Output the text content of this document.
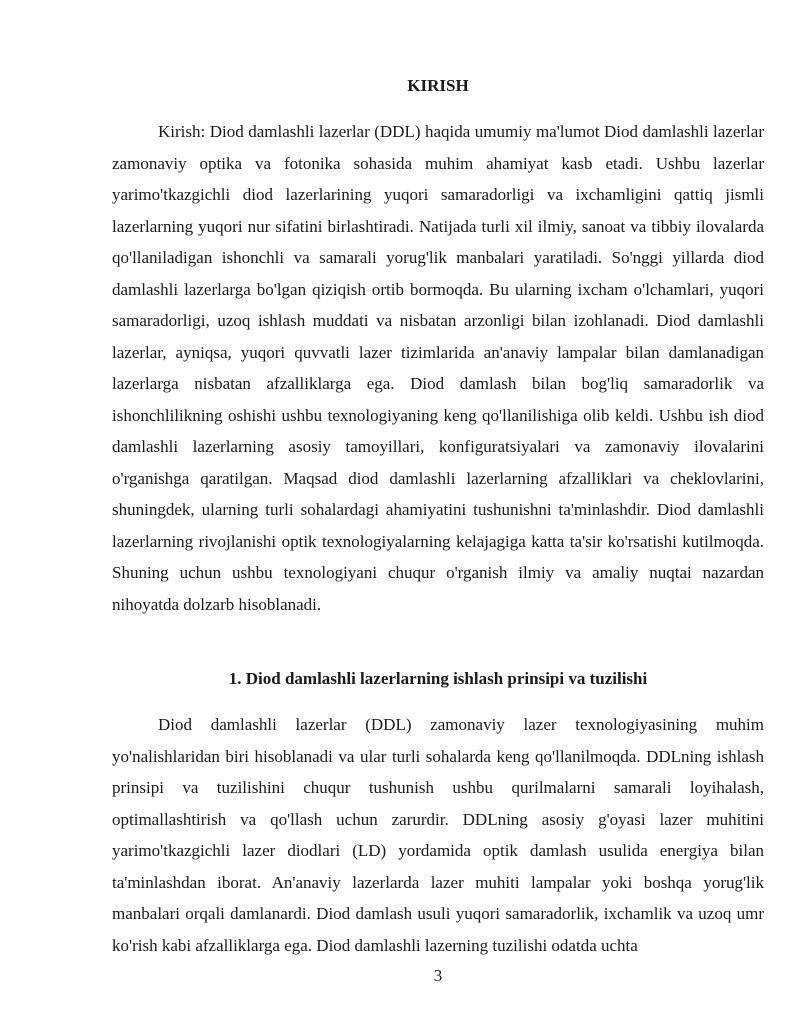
KIRISH

Kirish: Diod damlashli lazerlar (DDL) haqida umumiy ma'lumot Diod damlashli lazerlar zamonaviy optika va fotonika sohasida muhim ahamiyat kasb etadi. Ushbu lazerlar yarimo'tkazgichli diod lazerlarining yuqori samaradorligi va ixchamligini qattiq jismli lazerlarning yuqori nur sifatini birlashtiradi. Natijada turli xil ilmiy, sanoat va tibbiy ilovalarda qo'llaniladigan ishonchli va samarali yorug'lik manbalari yaratiladi. So'nggi yillarda diod damlashli lazerlarga bo'lgan qiziqish ortib bormoqda. Bu ularning ixcham o'lchamlari, yuqori samaradorligi, uzoq ishlash muddati va nisbatan arzonligi bilan izohlanadi. Diod damlashli lazerlar, ayniqsa, yuqori quvvatli lazer tizimlarida an'anaviy lampalar bilan damlanadigan lazerlarga nisbatan afzalliklarga ega. Diod damlash bilan bog'liq samaradorlik va ishonchlilikning oshishi ushbu texnologiyaning keng qo'llanilishiga olib keldi. Ushbu ish diod damlashli lazerlarning asosiy tamoyillari, konfiguratsiyalari va zamonaviy ilovalarini o'rganishga qaratilgan. Maqsad diod damlashli lazerlarning afzalliklari va cheklovlarini, shuningdek, ularning turli sohalardagi ahamiyatini tushunishni ta'minlashdir. Diod damlashli lazerlarning rivojlanishi optik texnologiyalarning kelajagiga katta ta'sir ko'rsatishi kutilmoqda. Shuning uchun ushbu texnologiyani chuqur o'rganish ilmiy va amaliy nuqtai nazardan nihoyatda dolzarb hisoblanadi.

1. Diod damlashli lazerlarning ishlash prinsipi va tuzilishi

Diod damlashli lazerlar (DDL) zamonaviy lazer texnologiyasining muhim yo'nalishlaridan biri hisoblanadi va ular turli sohalarda keng qo'llanilmoqda. DDLning ishlash prinsipi va tuzilishini chuqur tushunish ushbu qurilmalarni samarali loyihalash, optimallashtirish va qo'llash uchun zarurdir. DDLning asosiy g'oyasi lazer muhitini yarimo'tkazgichli lazer diodlari (LD) yordamida optik damlash usulida energiya bilan ta'minlashdan iborat. An'anaviy lazerlarda lazer muhiti lampalar yoki boshqa yorug'lik manbalari orqali damlanardi. Diod damlash usuli yuqori samaradorlik, ixchamlik va uzoq umr ko'rish kabi afzalliklarga ega. Diod damlashli lazerning tuzilishi odatda uchta

3
